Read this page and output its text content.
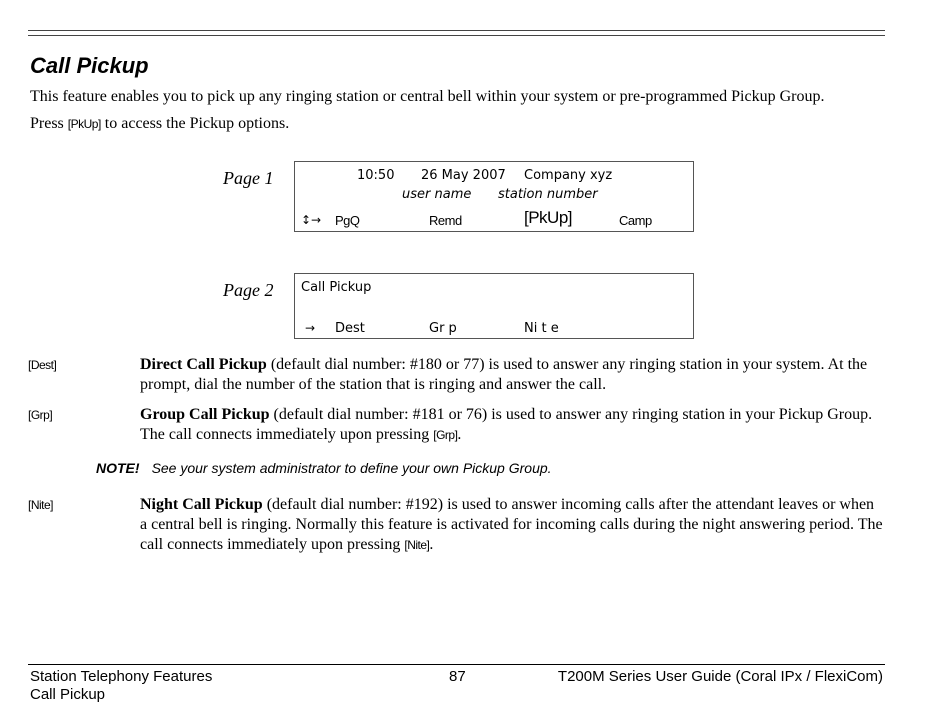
Call Pickup
This feature enables you to pick up any ringing station or central bell within your system or pre-programmed Pickup Group.
Press [PkUp] to access the Pickup options.
Page 1	10:50 26 May 2007 Company xyz
user name station number
↕→ PgQ	Remd	[PkUp]	Camp
Page 2 Call Pickup
→ Dest	Gr p	Ni t e
[Dest]	Direct Call Pickup (default dial number: #180 or 77) is used to answer any ringing station in your system. At the prompt, dial the number of the station that is ringing and answer the call.
[Grp]	Group Call Pickup (default dial number: #181 or 76) is used to answer any ringing station in your Pickup Group. The call connects immediately upon pressing [Grp].
NOTE! See your system administrator to define your own Pickup Group.
[Nite]	Night Call Pickup (default dial number: #192) is used to answer incoming calls after the attendant leaves or when a central bell is ringing. Normally this feature is activated for incoming calls during the night answering period. The call connects immediately upon pressing [Nite].
Station Telephony Features
Call Pickup
87	T200M Series User Guide (Coral IPx / FlexiCom)
